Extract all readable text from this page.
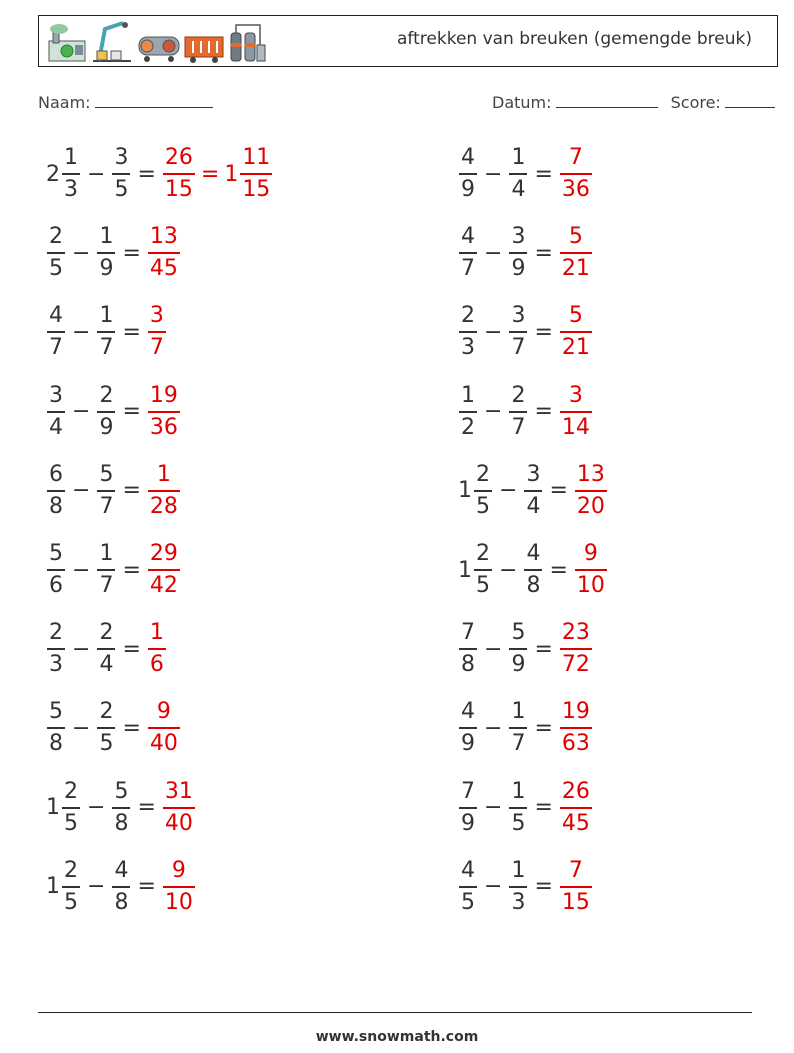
aftrekken van breuken (gemengde breuk)
Naam:	Datum:	Score:
$2 \frac{1}{3} - \frac{3}{5} = \frac{26}{15} = 1 \frac{11}{15}$	$\frac{4}{9} - \frac{1}{4} = \frac{7}{36}$
$\frac{2}{5} - \frac{1}{9} = \frac{13}{45}$	$\frac{4}{7} - \frac{3}{9} = \frac{5}{21}$
$\frac{4}{7} - \frac{1}{7} = \frac{3}{7}$	$\frac{2}{3} - \frac{3}{7} = \frac{5}{21}$
$\frac{3}{4} - \frac{2}{9} = \frac{19}{36}$	$\frac{1}{2} - \frac{2}{7} = \frac{3}{14}$
$\frac{6}{8} - \frac{5}{7} = \frac{1}{28}$	$1 \frac{2}{5} - \frac{3}{4} = \frac{13}{20}$
$\frac{5}{6} - \frac{1}{7} = \frac{29}{42}$	$1 \frac{2}{5} - \frac{4}{8} = \frac{9}{10}$
$\frac{2}{3} - \frac{2}{4} = \frac{1}{6}$	$\frac{7}{8} - \frac{5}{9} = \frac{23}{72}$
$\frac{5}{8} - \frac{2}{5} = \frac{9}{40}$	$\frac{4}{9} - \frac{1}{7} = \frac{19}{63}$
$1 \frac{2}{5} - \frac{5}{8} = \frac{31}{40}$	$\frac{7}{9} - \frac{1}{5} = \frac{26}{45}$
$1 \frac{2}{5} - \frac{4}{8} = \frac{9}{10}$	$\frac{4}{5} - \frac{1}{3} = \frac{7}{15}$
www.snowmath.com
